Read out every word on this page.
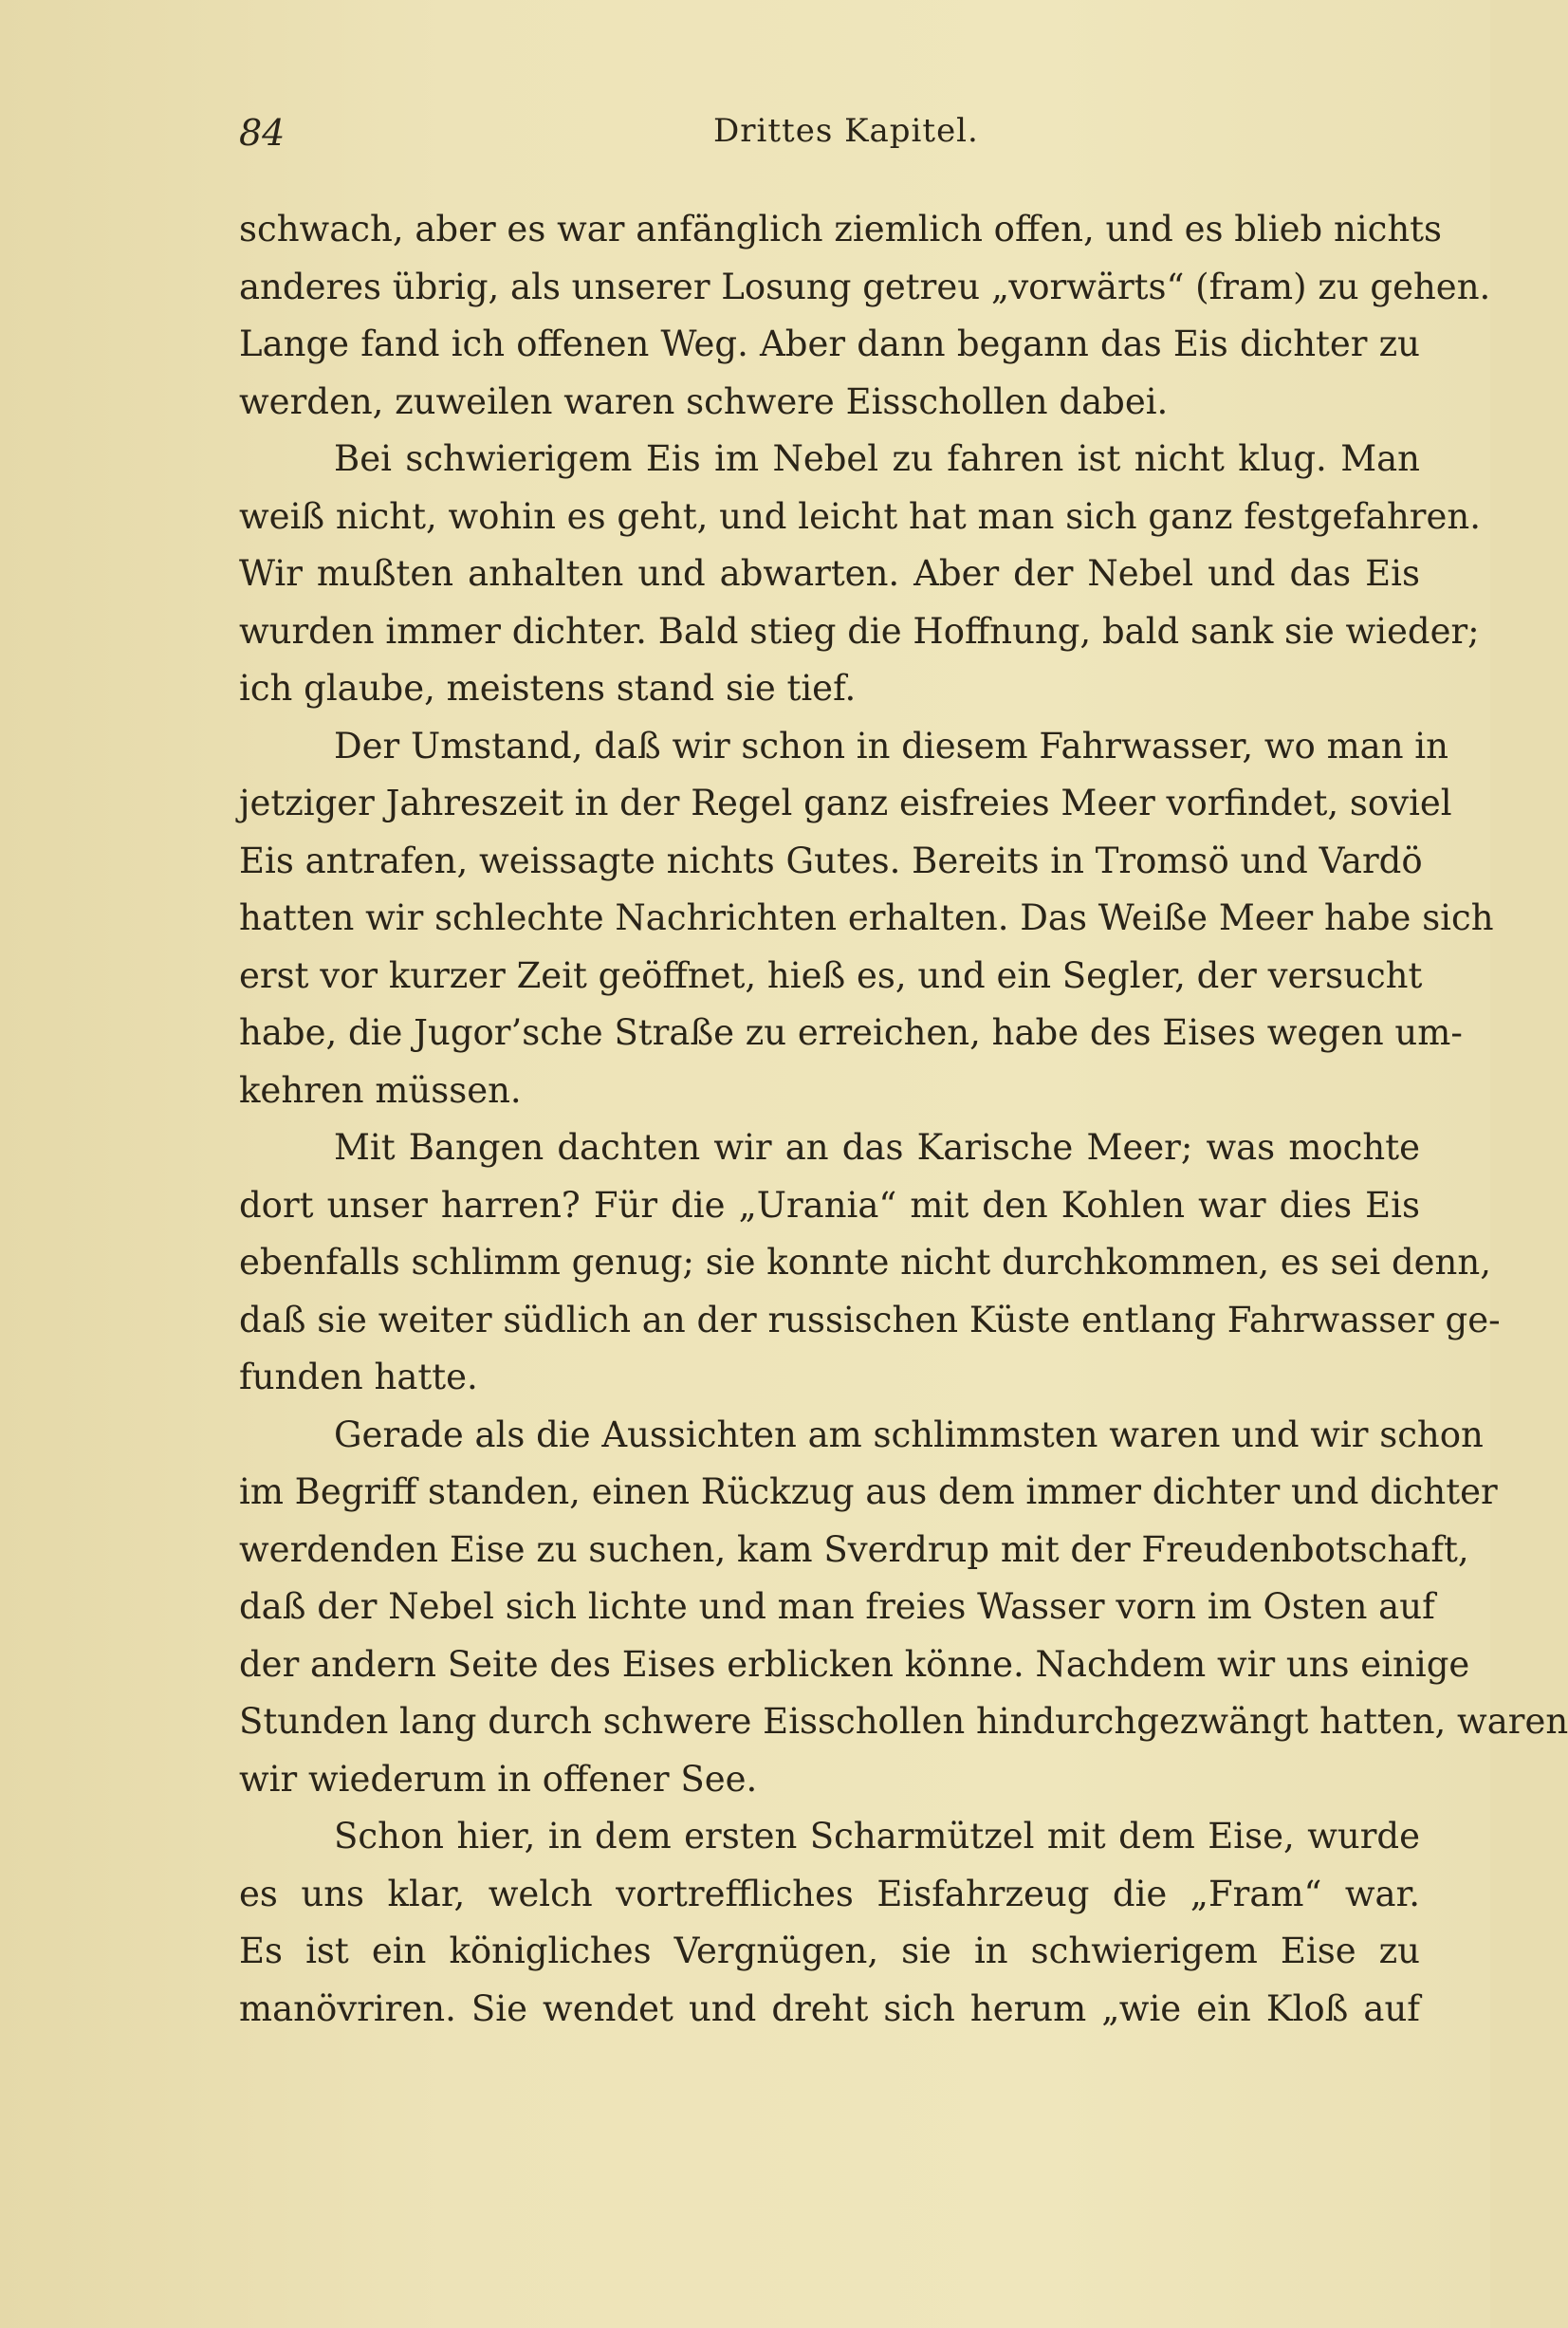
84	Drittes Kapitel.
schwach, aber es war anfänglich ziemlich offen, und es blieb nichts
anderes übrig, als unserer Losung getreu „vorwärts“ (fram) zu gehen.
Lange fand ich offenen Weg. Aber dann begann das Eis dichter zu
werden, zuweilen waren schwere Eisschollen dabei.
Bei schwierigem Eis im Nebel zu fahren ist nicht klug. Man
weiß nicht, wohin es geht, und leicht hat man sich ganz festgefahren.
Wir mußten anhalten und abwarten. Aber der Nebel und das Eis
wurden immer dichter. Bald stieg die Hoffnung, bald sank sie wieder;
ich glaube, meistens stand sie tief.
Der Umstand, daß wir schon in diesem Fahrwasser, wo man in
jetziger Jahreszeit in der Regel ganz eisfreies Meer vorfindet, soviel
Eis antrafen, weissagte nichts Gutes. Bereits in Tromsö und Vardö
hatten wir schlechte Nachrichten erhalten. Das Weiße Meer habe sich
erst vor kurzer Zeit geöffnet, hieß es, und ein Segler, der versucht
habe, die Jugor’sche Straße zu erreichen, habe des Eises wegen um-
kehren müssen.
Mit Bangen dachten wir an das Karische Meer; was mochte
dort unser harren? Für die „Urania“ mit den Kohlen war dies Eis
ebenfalls schlimm genug; sie konnte nicht durchkommen, es sei denn,
daß sie weiter südlich an der russischen Küste entlang Fahrwasser ge-
funden hatte.
Gerade als die Aussichten am schlimmsten waren und wir schon
im Begriff standen, einen Rückzug aus dem immer dichter und dichter
werdenden Eise zu suchen, kam Sverdrup mit der Freudenbotschaft,
daß der Nebel sich lichte und man freies Wasser vorn im Osten auf
der andern Seite des Eises erblicken könne. Nachdem wir uns einige
Stunden lang durch schwere Eisschollen hindurchgezwängt hatten, waren
wir wiederum in offener See.
Schon hier, in dem ersten Scharmützel mit dem Eise, wurde
es uns klar, welch vortreffliches Eisfahrzeug die „Fram“ war.
Es ist ein königliches Vergnügen, sie in schwierigem Eise zu
manövriren. Sie wendet und dreht sich herum „wie ein Kloß auf
